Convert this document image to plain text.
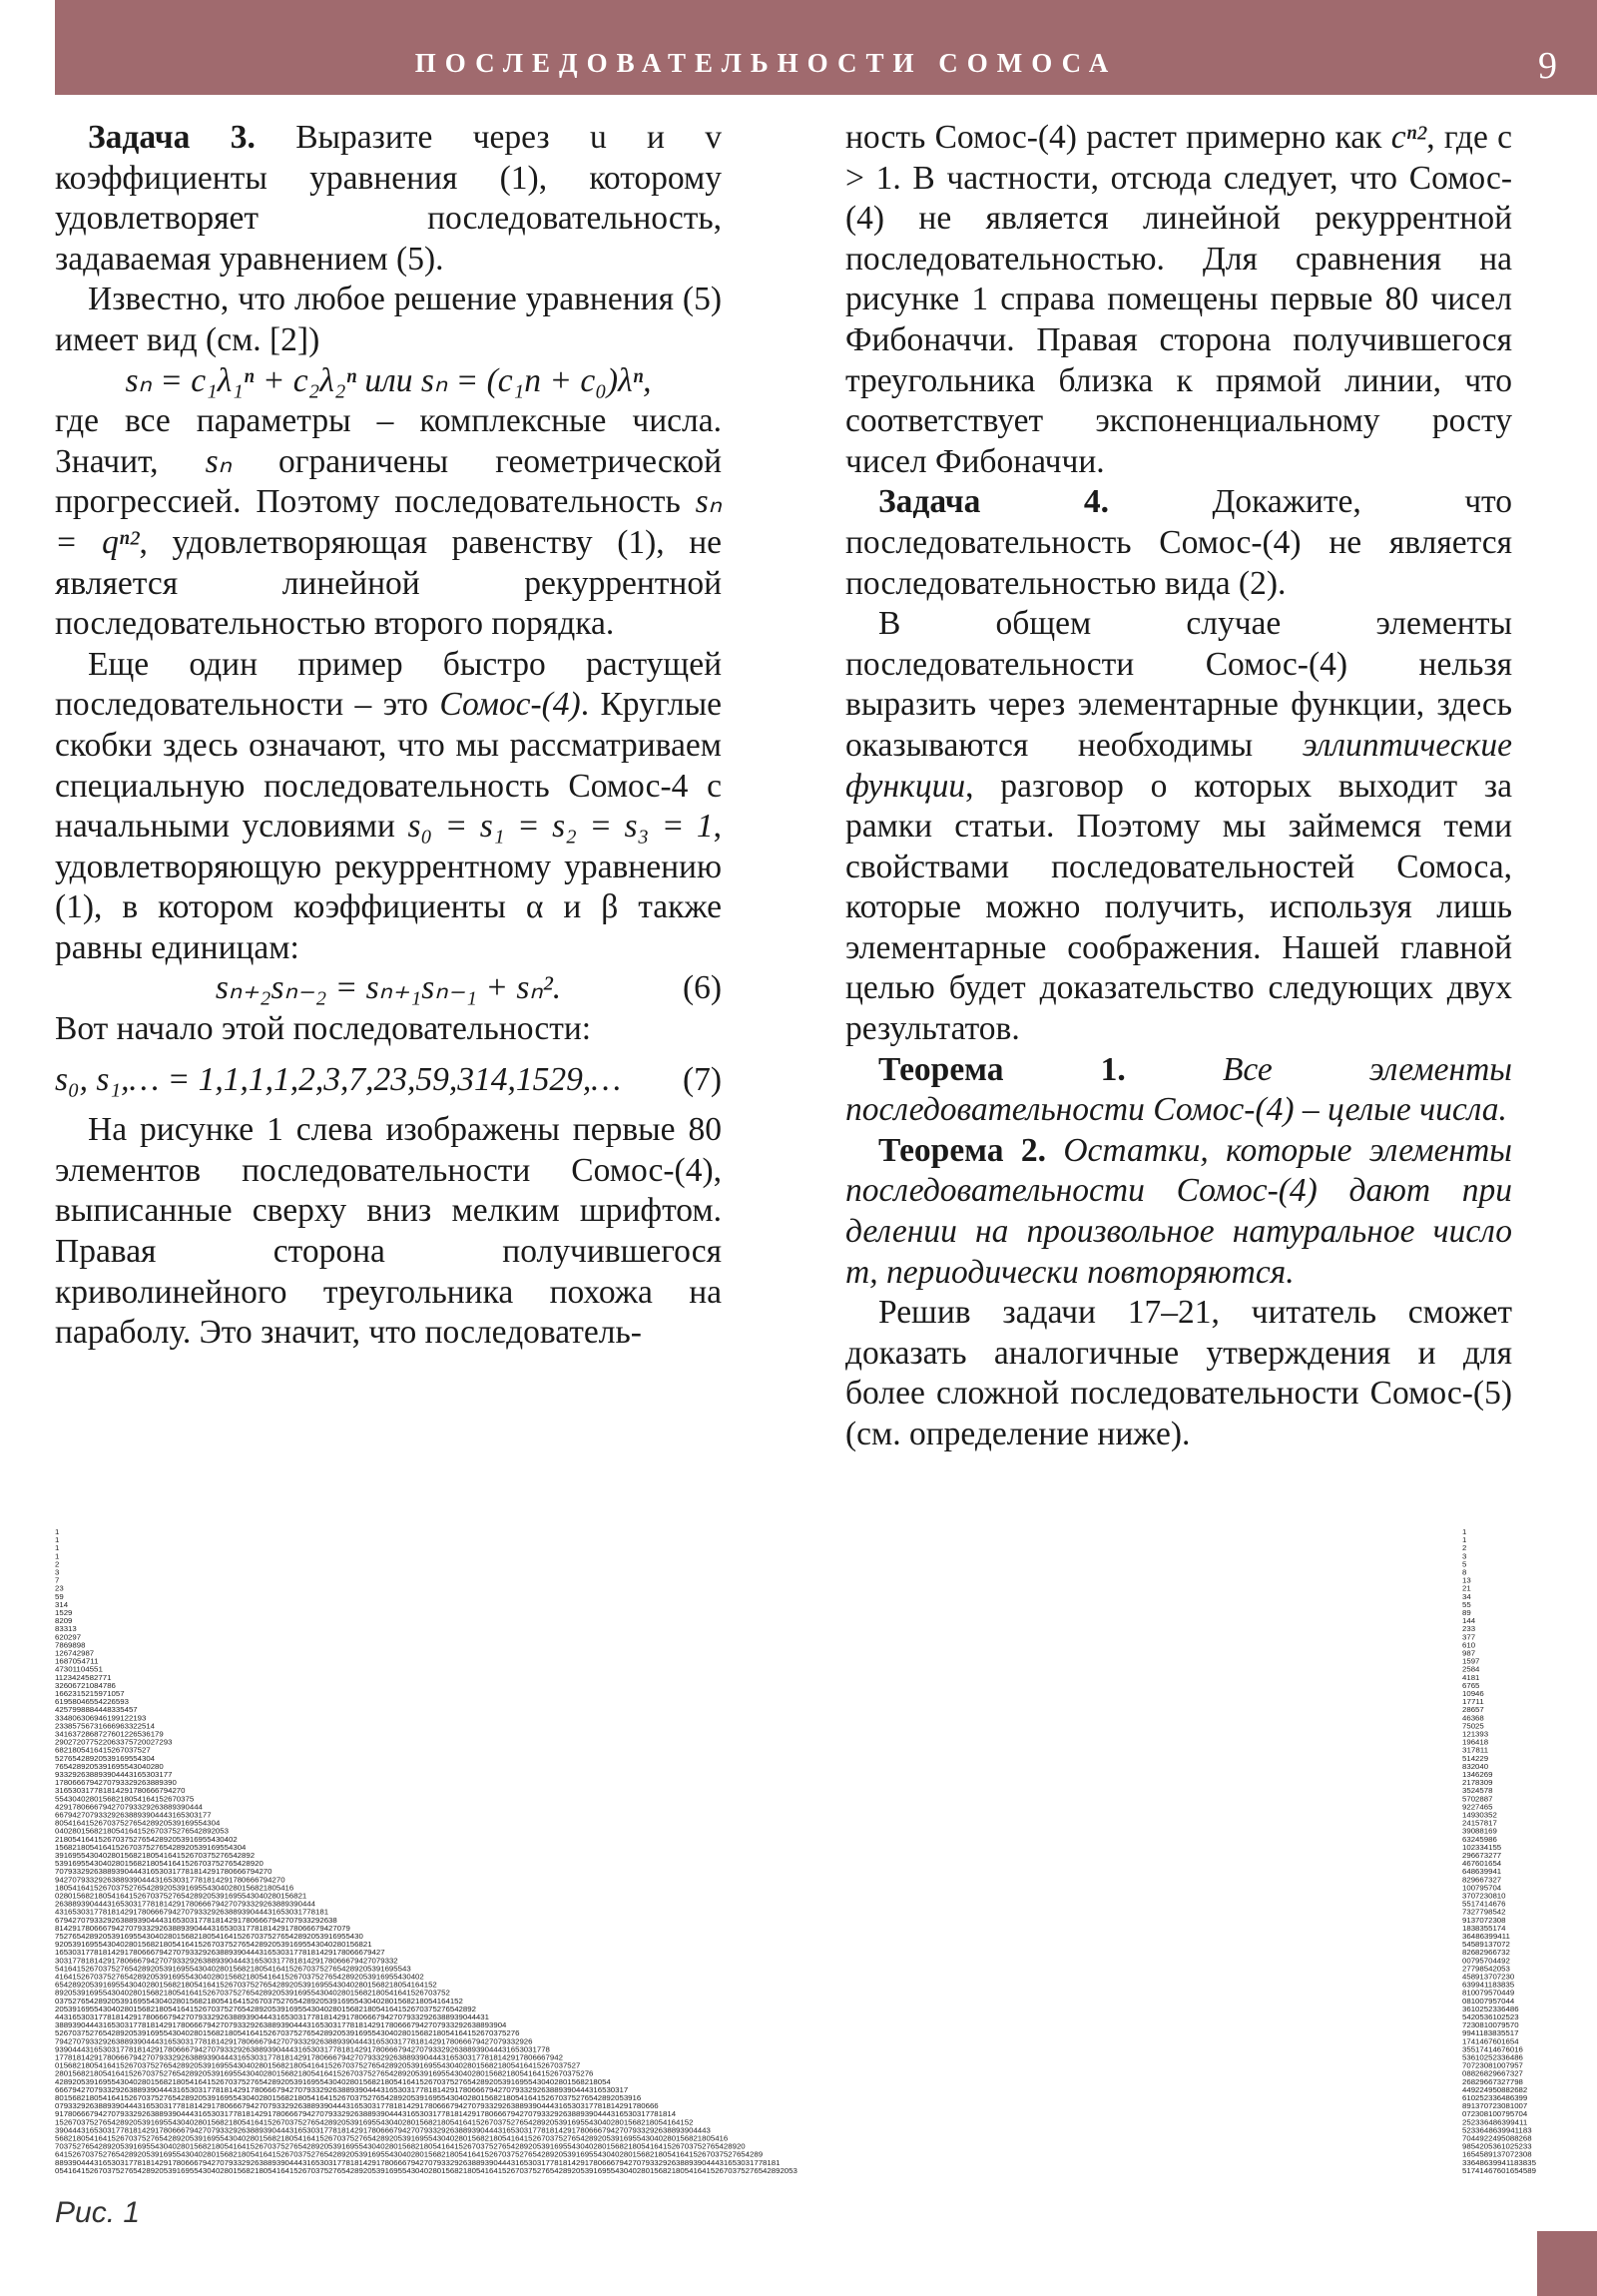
ПОСЛЕДОВАТЕЛЬНОСТИ СОМОСА	9

Задача 3. Выразите через u и v коэффициенты уравнения (1), которому удовлетворяет последовательность, задаваемая уравнением (5).

Известно, что любое решение уравнения (5) имеет вид (см. [2])

sₙ = c₁λ₁ⁿ + c₂λ₂ⁿ или sₙ = (c₁n + c₀)λⁿ,

где все параметры – комплексные числа. Значит, sₙ ограничены геометрической прогрессией. Поэтому последовательность sₙ = qⁿ², удовлетворяющая равенству (1), не является линейной рекуррентной последовательностью второго порядка.

Еще один пример быстро растущей последовательности – это Сомос-(4). Круглые скобки здесь означают, что мы рассматриваем специальную последовательность Сомос-4 с начальными условиями s₀ = s₁ = s₂ = s₃ = 1, удовлетворяющую рекуррентному уравнению (1), в котором коэффициенты α и β также равны единицам:

sₙ₊₂sₙ₋₂ = sₙ₊₁sₙ₋₁ + sₙ².	(6)

Вот начало этой последовательности:

s₀, s₁,… = 1,1,1,1,2,3,7,23,59,314,1529,… (7)

На рисунке 1 слева изображены первые 80 элементов последовательности Сомос-(4), выписанные сверху вниз мелким шрифтом. Правая сторона получившегося криволинейного треугольника похожа на параболу. Это значит, что последователь-

ность Сомос-(4) растет примерно как cⁿ², где c > 1. В частности, отсюда следует, что Сомос-(4) не является линейной рекуррентной последовательностью. Для сравнения на рисунке 1 справа помещены первые 80 чисел Фибоначчи. Правая сторона получившегося треугольника близка к прямой линии, что соответствует экспоненциальному росту чисел Фибоначчи.

Задача 4. Докажите, что последовательность Сомос-(4) не является последовательностью вида (2).

В общем случае элементы последовательности Сомос-(4) нельзя выразить через элементарные функции, здесь оказываются необходимы эллиптические функции, разговор о которых выходит за рамки статьи. Поэтому мы займемся теми свойствами последовательностей Сомоса, которые можно получить, используя лишь элементарные соображения. Нашей главной целью будет доказательство следующих двух результатов.

Теорема 1. Все элементы последовательности Сомос-(4) – целые числа.

Теорема 2. Остатки, которые элементы последовательности Сомос-(4) дают при делении на произвольное натуральное число m, периодически повторяются.

Решив задачи 17–21, читатель сможет доказать аналогичные утверждения и для более сложной последовательности Сомос-(5) (см. определение ниже).

1
1
1
1
2
3
7
23
59
314
1529
8209
83313
620297
7869898
126742987
1687054711
47301104551
1123424582771
32606721084786
1662315215971057
61958046554226593
4257998884448335457
334806306946199122193
23385756731666963322514
3416372868727601226536179
290272077522063375720027293
6821805416415267037527
52765428920539169554304
7654289205391695543040280
933292638893904443165303177
1780666794270793329263889390
316530317781814291780666794270
55430402801568218054164152670375
4291780666794270793329263889390444
667942707933292638893904443165303177
80541641526703752765428920539169554304
0402801568218054164152670375276542892053
218054164152670375276542892053916955430402
15682180541641526703752765428920539169554304
3916955430402801568218054164152670375276542892
539169554304028015682180541641526703752765428920
70793329263889390444316530317781814291780666794270
94270793329263889390444316530317781814291780666794270
1805416415267037527654289205391695543040280156821805416
0280156821805416415267037527654289205391695543040280156821
263889390444316530317781814291780666794270793329263889390444
431653031778181429178066679427079332926388939044431653031778181
67942707933292638893904443165303177818142917806667942707933292638
81429178066679427079332926388939044431653031778181429178066679427079
75276542892053916955430402801568218054164152670375276542892053916955430
9205391695543040280156821805416415267037527654289205391695543040280156821
1653031778181429178066679427079332926388939044431653031778181429178066679427
3031778181429178066679427079332926388939044431653031778181429178066679427079332
5416415267037527654289205391695543040280156821805416415267037527654289205391695543
4164152670375276542892053916955430402801568218054164152670375276542892053916955430402
6542892053916955430402801568218054164152670375276542892053916955430402801568218054164152
8920539169554304028015682180541641526703752765428920539169554304028015682180541641526703752
0375276542892053916955430402801568218054164152670375276542892053916955430402801568218054164152
2053916955430402801568218054164152670375276542892053916955430402801568218054164152670375276542892
4431653031778181429178066679427079332926388939044431653031778181429178066679427079332926388939044431
38893904443165303177818142917806667942707933292638893904443165303177818142917806667942707933292638893904
52670375276542892053916955430402801568218054164152670375276542892053916955430402801568218054164152670375276
79427079332926388939044431653031778181429178066679427079332926388939044431653031778181429178066679427079332926
939044431653031778181429178066679427079332926388939044431653031778181429178066679427079332926388939044431653031778
177818142917806667942707933292638893904443165303177818142917806667942707933292638893904443165303177818142917806667942
0156821805416415267037527654289205391695543040280156821805416415267037527654289205391695543040280156821805416415267037527
2801568218054164152670375276542892053916955430402801568218054164152670375276542892053916955430402801568218054164152670375276
42892053916955430402801568218054164152670375276542892053916955430402801568218054164152670375276542892053916955430402801568218054
666794270793329263889390444316530317781814291780666794270793329263889390444316530317781814291780666794270793329263889390444316530317
801568218054164152670375276542892053916955430402801568218054164152670375276542892053916955430402801568218054164152670375276542892053916
0793329263889390444316530317781814291780666794270793329263889390444316530317781814291780666794270793329263889390444316530317781814291780666
91780666794270793329263889390444316530317781814291780666794270793329263889390444316530317781814291780666794270793329263889390444316530317781814
152670375276542892053916955430402801568218054164152670375276542892053916955430402801568218054164152670375276542892053916955430402801568218054164152
3904443165303177818142917806667942707933292638893904443165303177818142917806667942707933292638893904443165303177818142917806667942707933292638893904443
56821805416415267037527654289205391695543040280156821805416415267037527654289205391695543040280156821805416415267037527654289205391695543040280156821805416
703752765428920539169554304028015682180541641526703752765428920539169554304028015682180541641526703752765428920539169554304028015682180541641526703752765428920
6415267037527654289205391695543040280156821805416415267037527654289205391695543040280156821805416415267037527654289205391695543040280156821805416415267037527654289
88939044431653031778181429178066679427079332926388939044431653031778181429178066679427079332926388939044431653031778181429178066679427079332926388939044431653031778181
054164152670375276542892053916955430402801568218054164152670375276542892053916955430402801568218054164152670375276542892053916955430402801568218054164152670375276542892053
1
1
2
3
5
8
13
21
34
55
89
144
233
377
610
987
1597
2584
4181
6765
10946
17711
28657
46368
75025
121393
196418
317811
514229
832040
1346269
2178309
3524578
5702887
9227465
14930352
24157817
39088169
63245986
102334155
296673277
467601654
648639941
829667327
100795704
3707230810
5517414676
7327798542
9137072308
1838355174
36486399411
54589137072
82682966732
00795704492
27798542053
458913707230
639941183835
810079570449
081007957044
3610252336486
5420536102523
7230810079570
9941183835517
1741467601654
35517414676016
53610252336486
70723081007957
08826829667327
26829667327798
449224950882682
610252336486399
891370723081007
072308100795704
252336486399411
5233648639941183
7044922495088268
9854205361025233
1654589137072308
33648639941183835
51741467601654589
Рис. 1
